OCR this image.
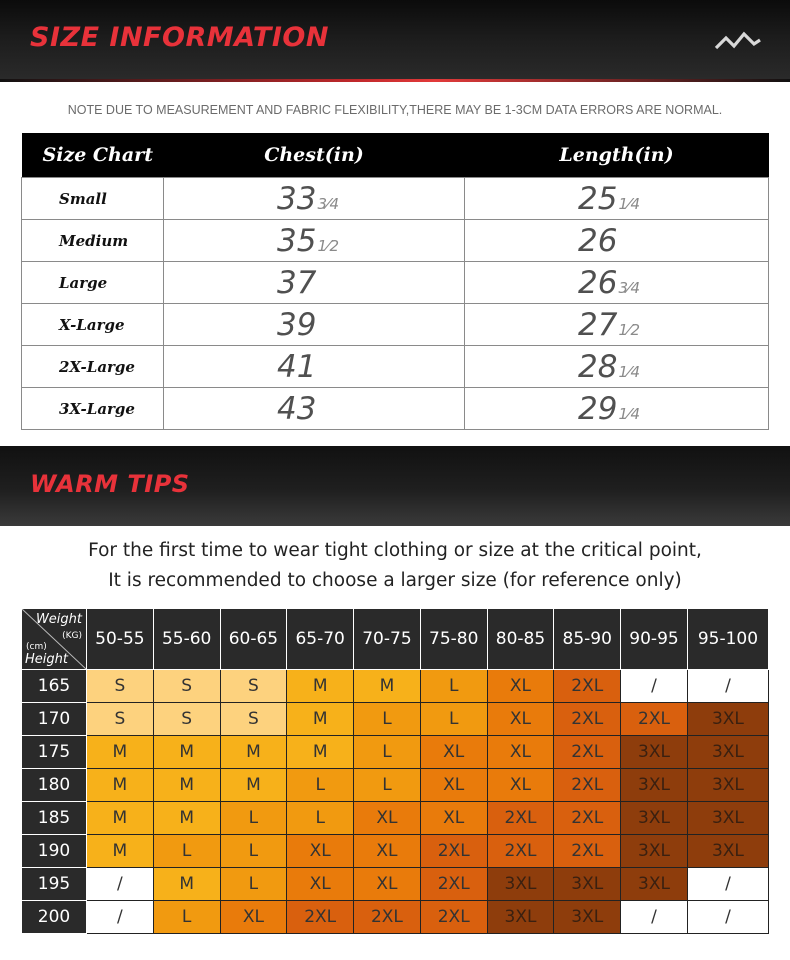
SIZE INFORMATION
NOTE DUE TO MEASUREMENT AND FABRIC FLEXIBILITY,THERE MAY BE 1-3CM DATA ERRORS ARE NORMAL.
Size Chart	Chest(in)	Length(in)
Small	333⁄4	251⁄4
Medium	351⁄2	26
Large	37	263⁄4
X-Large	39	271⁄2
2X-Large	41	281⁄4
3X-Large	43	291⁄4
WARM TIPS
For the first time to wear tight clothing or size at the critical point,
It is recommended to choose a larger size (for reference only)
Weight
(KG)
(cm)
Height	50-55	55-60	60-65	65-70	70-75	75-80	80-85	85-90	90-95	95-100
165	S	S	S	M	M	L	XL	2XL	/	/
170	S	S	S	M	L	L	XL	2XL	2XL	3XL
175	M	M	M	M	L	XL	XL	2XL	3XL	3XL
180	M	M	M	L	L	XL	XL	2XL	3XL	3XL
185	M	M	L	L	XL	XL	2XL	2XL	3XL	3XL
190	M	L	L	XL	XL	2XL	2XL	2XL	3XL	3XL
195	/	M	L	XL	XL	2XL	3XL	3XL	3XL	/
200	/	L	XL	2XL	2XL	2XL	3XL	3XL	/	/
